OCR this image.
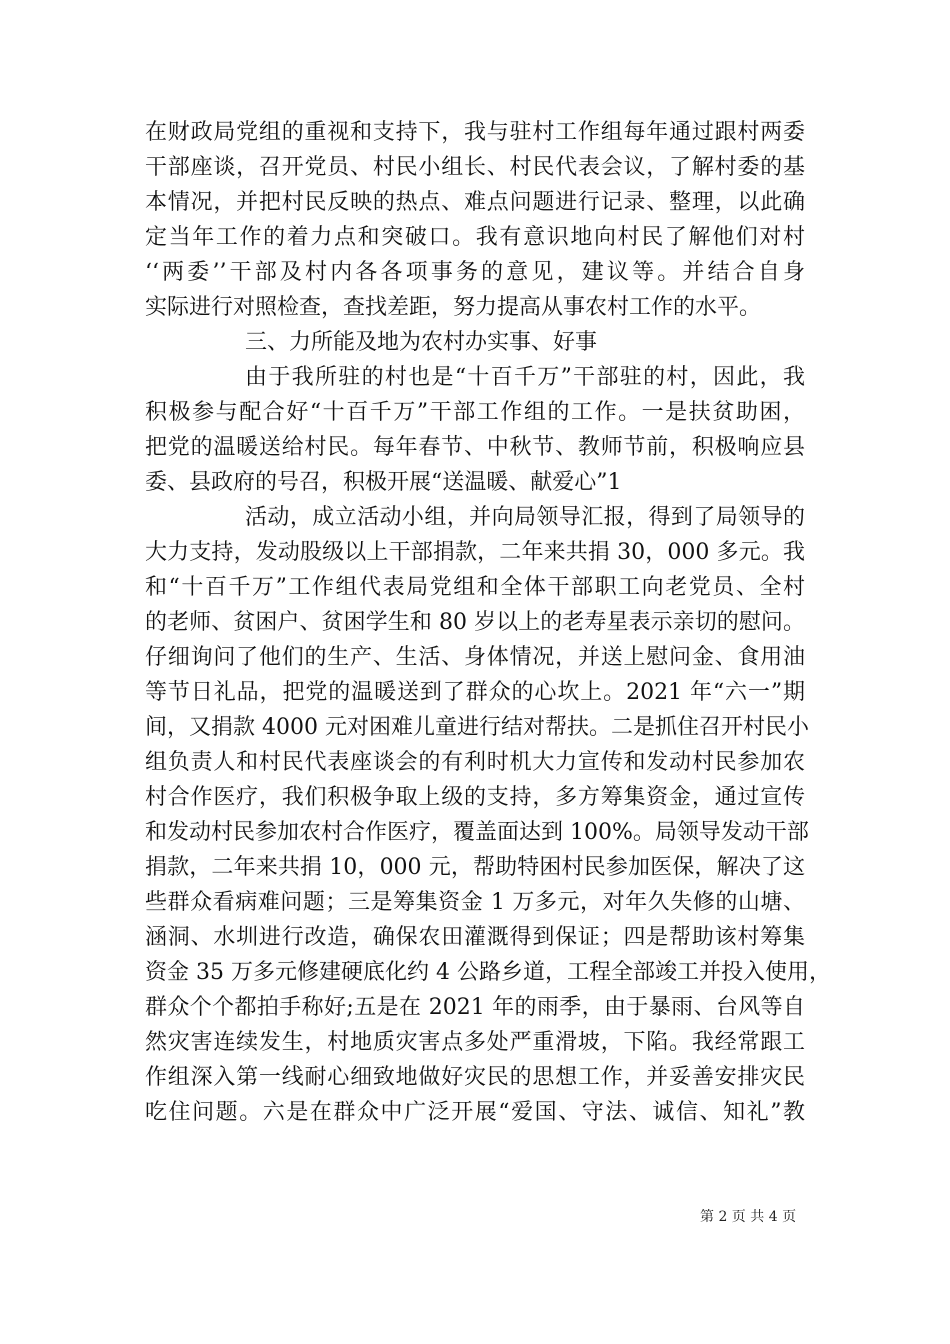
在财政局党组的重视和支持下，我与驻村工作组每年通过跟村两委
干部座谈，召开党员、村民小组长、村民代表会议，了解村委的基
本情况，并把村民反映的热点、难点问题进行记录、整理，以此确
定当年工作的着力点和突破口。我有意识地向村民了解他们对村
‘‘两委’’干部及村内各各项事务的意见，建议等。并结合自身
实际进行对照检查，查找差距，努力提高从事农村工作的水平。
三、力所能及地为农村办实事、好事
由于我所驻的村也是“十百千万”干部驻的村，因此，我
积极参与配合好“十百千万”干部工作组的工作。一是扶贫助困，
把党的温暖送给村民。每年春节、中秋节、教师节前，积极响应县
委、县政府的号召，积极开展“送温暖、献爱心”1
活动，成立活动小组，并向局领导汇报，得到了局领导的
大力支持，发动股级以上干部捐款，二年来共捐 30，000 多元。我
和“十百千万”工作组代表局党组和全体干部职工向老党员、全村
的老师、贫困户、贫困学生和 80 岁以上的老寿星表示亲切的慰问。
仔细询问了他们的生产、生活、身体情况，并送上慰问金、食用油
等节日礼品，把党的温暖送到了群众的心坎上。2021 年“六一”期
间，又捐款 4000 元对困难儿童进行结对帮扶。二是抓住召开村民小
组负责人和村民代表座谈会的有利时机大力宣传和发动村民参加农
村合作医疗，我们积极争取上级的支持，多方筹集资金，通过宣传
和发动村民参加农村合作医疗，覆盖面达到 100%。局领导发动干部
捐款，二年来共捐 10，000 元，帮助特困村民参加医保，解决了这
些群众看病难问题；三是筹集资金 1 万多元，对年久失修的山塘、
涵洞、水圳进行改造，确保农田灌溉得到保证；四是帮助该村筹集
资金 35 万多元修建硬底化约 4 公路乡道，工程全部竣工并投入使用，
群众个个都拍手称好;五是在 2021 年的雨季，由于暴雨、台风等自
然灾害连续发生，村地质灾害点多处严重滑坡，下陷。我经常跟工
作组深入第一线耐心细致地做好灾民的思想工作，并妥善安排灾民
吃住问题。六是在群众中广泛开展“爱国、守法、诚信、知礼”教
第 2 页 共 4 页
